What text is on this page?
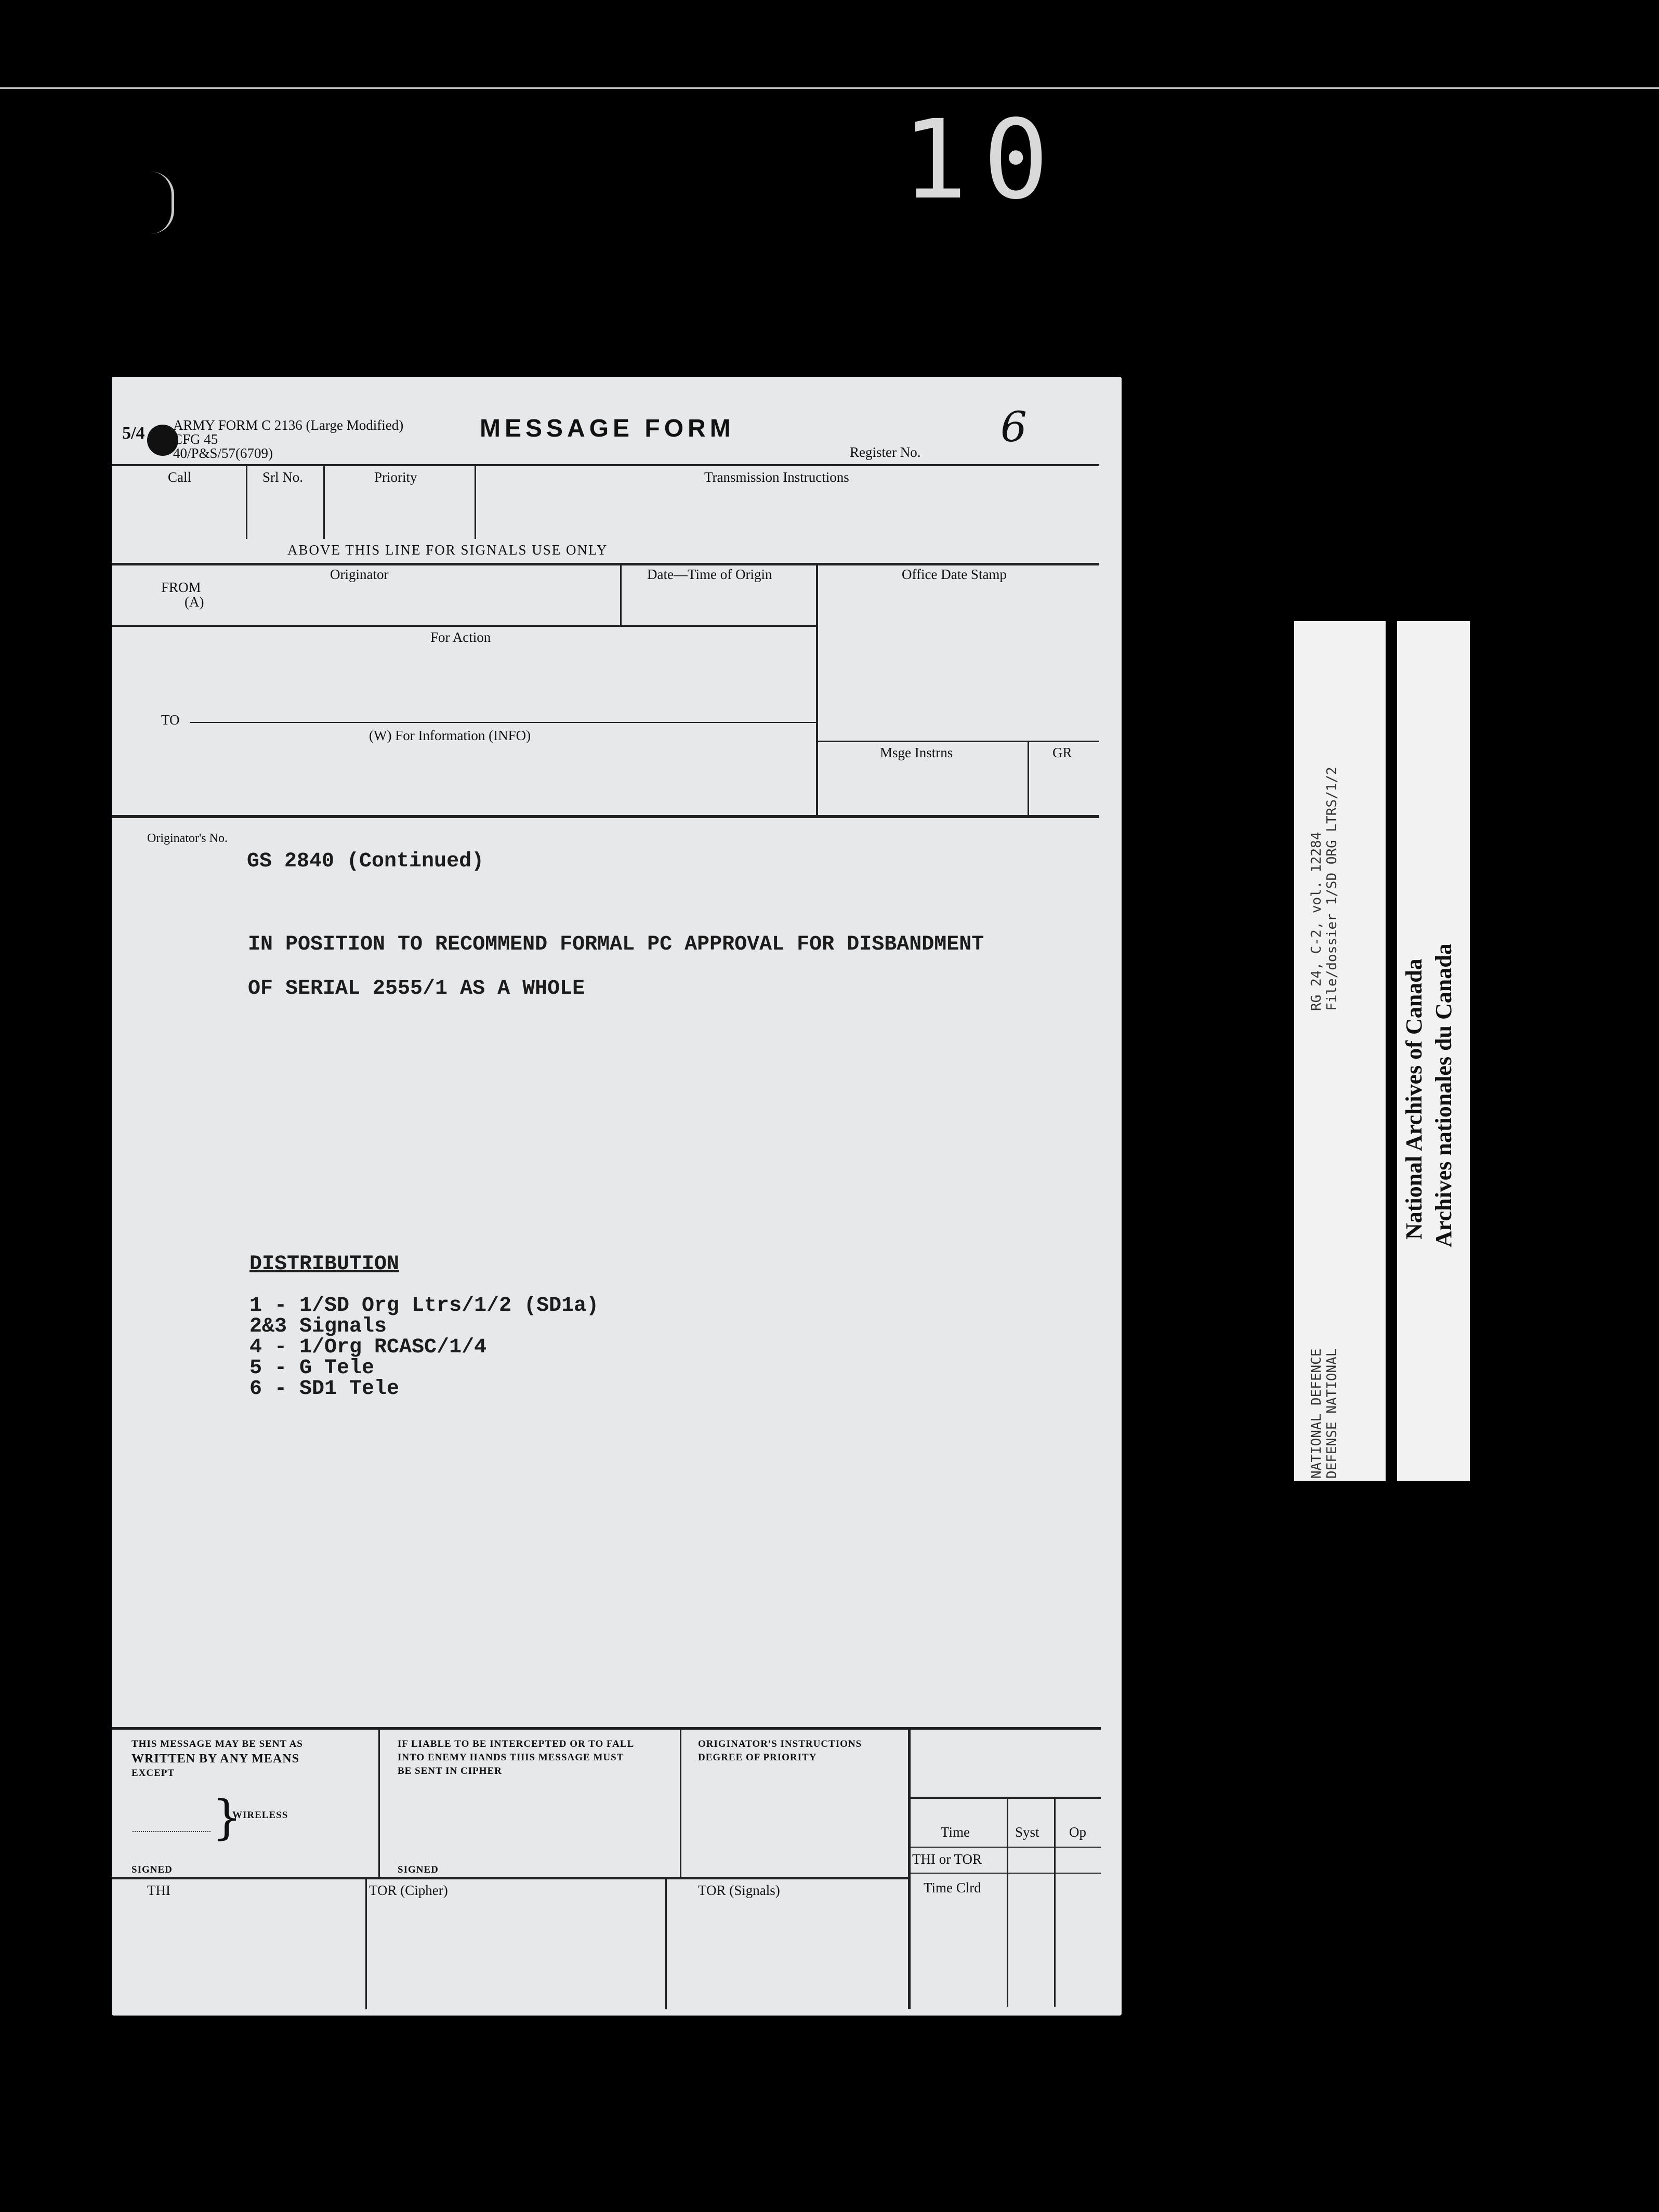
10
5/4 ARMY FORM C 2136 (Large Modified)
CFG 45
40/P&S/57(6709)
MESSAGE FORM
Register No.
6
Call	Srl No.	Priority	Transmission Instructions
ABOVE THIS LINE FOR SIGNALS USE ONLY
FROM
(A)
Originator	Date—Time of Origin	Office Date Stamp
For Action
TO
(W) For Information (INFO)
Msge Instrns	GR
Originator's No.
GS 2840 (Continued)
IN POSITION TO RECOMMEND FORMAL PC APPROVAL FOR DISBANDMENT
OF SERIAL 2555/1 AS A WHOLE
DISTRIBUTION
1 - 1/SD Org Ltrs/1/2 (SD1a)
2&3 Signals
4 - 1/Org RCASC/1/4
5 - G Tele
6 - SD1 Tele
THIS MESSAGE MAY BE SENT AS
WRITTEN BY ANY MEANS
EXCEPT
}
WIRELESS
SIGNED
IF LIABLE TO BE INTERCEPTED OR TO FALL
INTO ENEMY HANDS THIS MESSAGE MUST
BE SENT IN CIPHER
SIGNED
ORIGINATOR'S INSTRUCTIONS
DEGREE OF PRIORITY
Time	Syst Op
THI or TOR
Time Clrd
THI	TOR (Cipher)	TOR (Signals)
RG 24, C-2, vol. 12284 File/dossier 1/SD ORG LTRS/1/2
NATIONAL DEFENCE DEFENSE NATIONAL
National Archives of Canada Archives nationales du Canada
